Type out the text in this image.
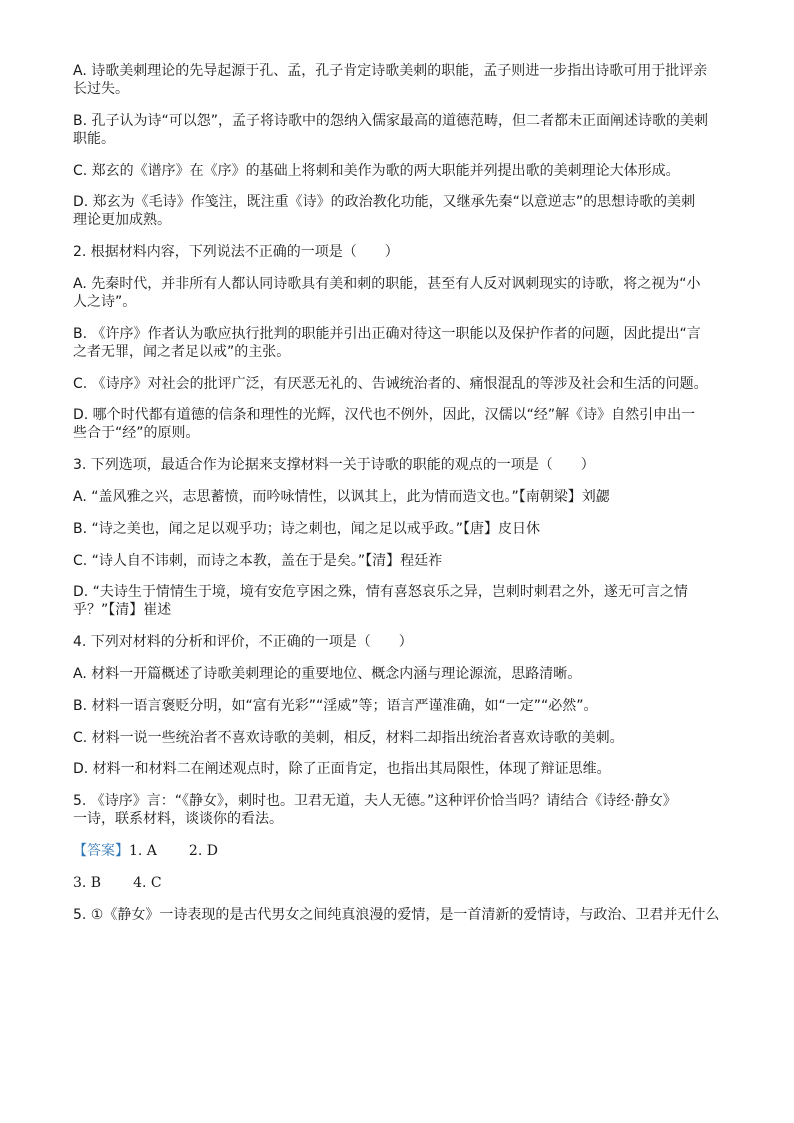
A. 诗歌美刺理论的先导起源于孔、孟，孔子肯定诗歌美刺的职能，孟子则进一步指出诗歌可用于批评亲

长过失。

B. 孔子认为诗“可以怨”，孟子将诗歌中的怨纳入儒家最高的道德范畴，但二者都未正面阐述诗歌的美刺

职能。

C. 郑玄的《谱序》在《序》的基础上将刺和美作为歌的两大职能并列提出歌的美刺理论大体形成。

D. 郑玄为《毛诗》作笺注，既注重《诗》的政治教化功能，又继承先秦“以意逆志”的思想诗歌的美刺

理论更加成熟。

2. 根据材料内容，下列说法不正确的一项是（　　）

A. 先秦时代，并非所有人都认同诗歌具有美和刺的职能，甚至有人反对讽刺现实的诗歌，将之视为“小

人之诗”。

B. 《许序》作者认为歌应执行批判的职能并引出正确对待这一职能以及保护作者的问题，因此提出“言

之者无罪，闻之者足以戒”的主张。

C. 《诗序》对社会的批评广泛，有厌恶无礼的、告诫统治者的、痛恨混乱的等涉及社会和生活的问题。

D. 哪个时代都有道德的信条和理性的光辉，汉代也不例外，因此，汉儒以“经”解《诗》自然引申出一

些合于“经”的原则。

3. 下列选项，最适合作为论据来支撑材料一关于诗歌的职能的观点的一项是（　　）

A. “盖风雅之兴，志思蓄愤，而吟咏情性，以讽其上，此为情而造文也。”【南朝梁】刘勰

B. “诗之美也，闻之足以观乎功；诗之刺也，闻之足以戒乎政。”【唐】皮日休

C. “诗人自不讳刺，而诗之本教，盖在于是矣。”【清】程廷祚

D. “夫诗生于情情生于境，境有安危亨困之殊，情有喜怒哀乐之异，岂刺时刺君之外，遂无可言之情

乎？”【清】崔述

4. 下列对材料的分析和评价，不正确的一项是（　　）

A. 材料一开篇概述了诗歌美刺理论的重要地位、概念内涵与理论源流，思路清晰。

B. 材料一语言褒贬分明，如“富有光彩”“淫威”等；语言严谨准确，如“一定”“必然”。

C. 材料一说一些统治者不喜欢诗歌的美刺，相反，材料二却指出统治者喜欢诗歌的美刺。

D. 材料一和材料二在阐述观点时，除了正面肯定，也指出其局限性，体现了辩证思维。

5. 《诗序》言：“《静女》，刺时也。卫君无道，夫人无德。”这种评价恰当吗？请结合《诗经·静女》

一诗，联系材料，谈谈你的看法。

【答案】1. A 2. D

3. B 4. C

5. ①《静女》一诗表现的是古代男女之间纯真浪漫的爱情，是一首清新的爱情诗，与政治、卫君并无什么
